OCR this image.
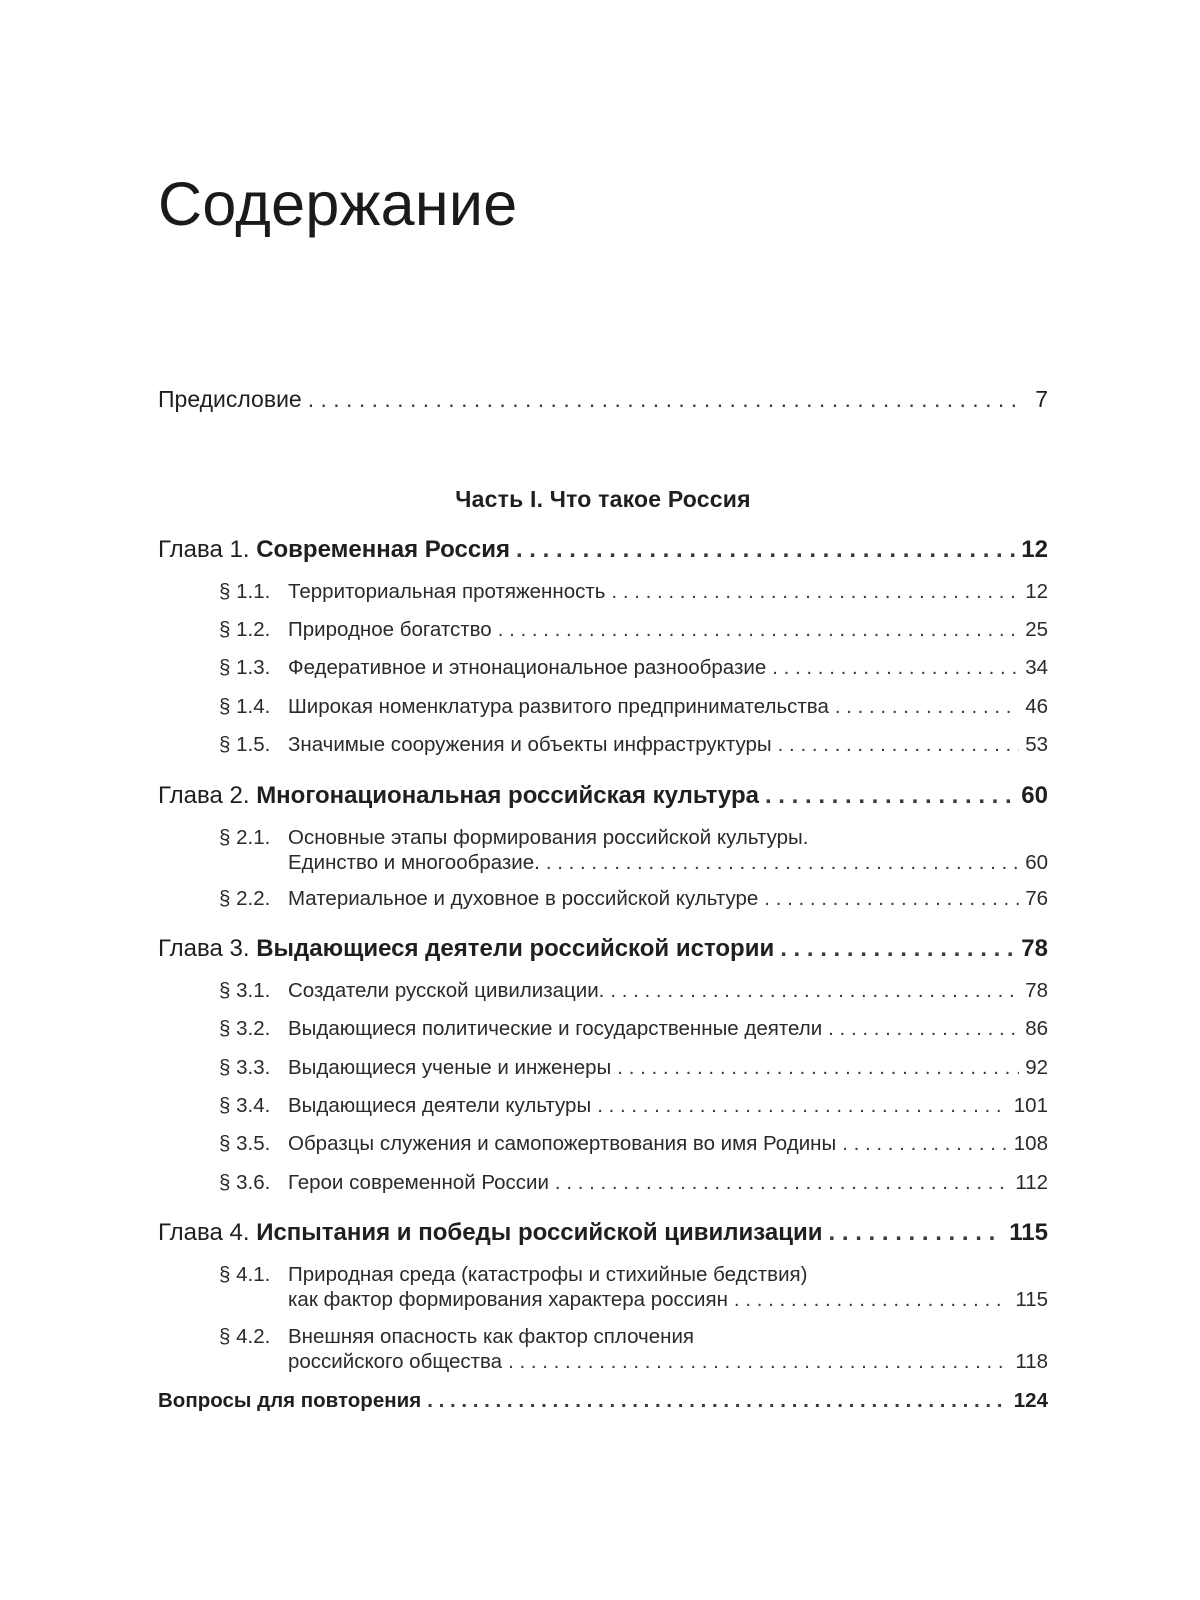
Содержание
Предисловие . . .	7
Часть I. Что такое Россия
Глава 1. Современная Россия . . .	12
§ 1.1. Территориальная протяженность . . .	12
§ 1.2. Природное богатство . . .	25
§ 1.3. Федеративное и этнонациональное разнообразие . . .	34
§ 1.4. Широкая номенклатура развитого предпринимательства . . .	46
§ 1.5. Значимые сооружения и объекты инфраструктуры . . .	53
Глава 2. Многонациональная российская культура . . .	60
§ 2.1. Основные этапы формирования российской культуры.
Единство и многообразие. . . .	60
§ 2.2. Материальное и духовное в российской культуре . . .	76
Глава 3. Выдающиеся деятели российской истории . . .	78
§ 3.1. Создатели русской цивилизации. . . .	78
§ 3.2. Выдающиеся политические и государственные деятели . . .	86
§ 3.3. Выдающиеся ученые и инженеры . . .	92
§ 3.4. Выдающиеся деятели культуры . . .	101
§ 3.5. Образцы служения и самопожертвования во имя Родины . . .	108
§ 3.6. Герои современной России . . .	112
Глава 4. Испытания и победы российской цивилизации . . .	115
§ 4.1. Природная среда (катастрофы и стихийные бедствия)
как фактор формирования характера россиян . . .	115
§ 4.2. Внешняя опасность как фактор сплочения
российского общества . . .	118
Вопросы для повторения . . .	124
